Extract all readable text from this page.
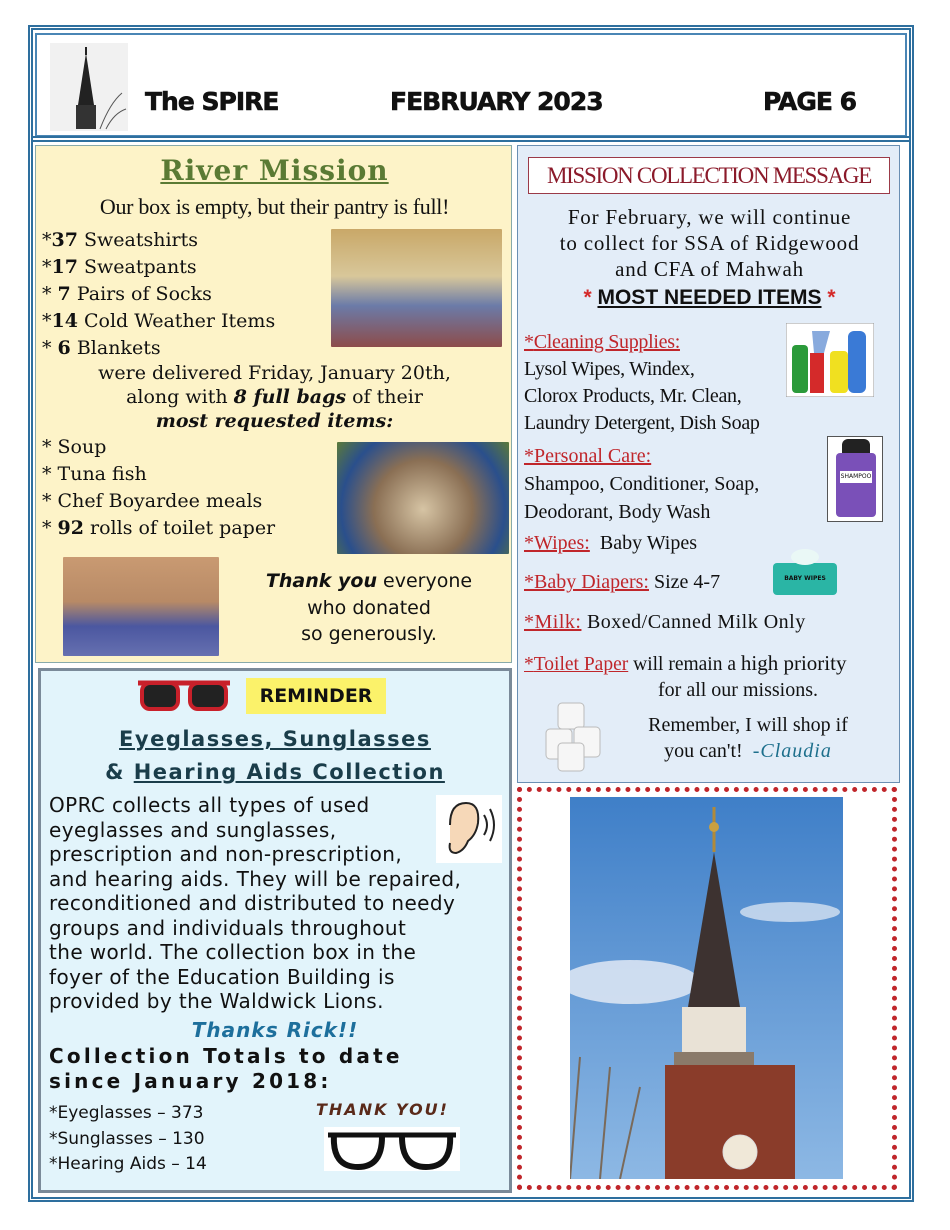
The SPIRE	FEBRUARY 2023	PAGE 6
River Mission
Our box is empty, but their pantry is full!
*37 Sweatshirts
*17 Sweatpants
* 7 Pairs of Socks
*14 Cold Weather Items
* 6 Blankets
were delivered Friday, January 20th,
along with 8 full bags of their
most requested items:
* Soup
* Tuna fish
* Chef Boyardee meals
* 92 rolls of toilet paper
Thank you everyone
who donated
so generously.
MISSION COLLECTION MESSAGE
For February, we will continue
to collect for SSA of Ridgewood
and CFA of Mahwah
* MOST NEEDED ITEMS *
*Cleaning Supplies:
Lysol Wipes, Windex,
Clorox Products, Mr. Clean,
Laundry Detergent, Dish Soap
*Personal Care:
Shampoo, Conditioner, Soap,
Deodorant, Body Wash
SHAMPOO
*Wipes:  Baby Wipes
BABY WIPES
*Baby Diapers: Size 4-7
*Milk: Boxed/Canned Milk Only
*Toilet Paper will remain a high priority
for all our missions.
Remember, I will shop if
you can't!  -Claudia
REMINDER
Eyeglasses, Sunglasses
& Hearing Aids Collection
OPRC collects all types of used
eyeglasses and sunglasses,
prescription and non-prescription,
and hearing aids. They will be repaired,
reconditioned and distributed to needy
groups and individuals throughout
the world. The collection box in the
foyer of the Education Building is
provided by the Waldwick Lions.
Thanks Rick!!
Collection Totals to date
since January 2018:
*Eyeglasses – 373
*Sunglasses – 130
*Hearing Aids – 14
THANK YOU!
